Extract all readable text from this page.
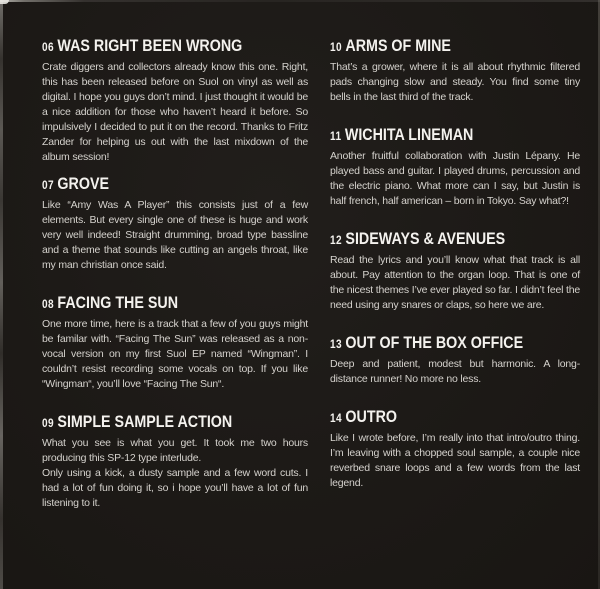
06 WAS RIGHT BEEN WRONG

Crate diggers and collectors already know this one. Right, this has been released before on Suol on vinyl as well as digital. I hope you guys don’t mind. I just thought it would be a nice addition for those who haven’t heard it before. So impulsively I decided to put it on the record. Thanks to Fritz Zander for helping us out with the last mixdown of the album session!

07 GROVE

Like “Amy Was A Player” this consists just of a few elements. But every single one of these is huge and work very well indeed! Straight drumming, broad type bassline and a theme that sounds like cutting an angels throat, like my man christian once said.

08 FACING THE SUN

One more time, here is a track that a few of you guys might be familar with. “Facing The Sun” was released as a non-vocal version on my first Suol EP named “Wingman”. I couldn’t resist recording some vocals on top. If you like “Wingman“, you’ll love “Facing The Sun“.

09 SIMPLE SAMPLE ACTION

What you see is what you get. It took me two hours producing this SP-12 type interlude.

Only using a kick, a dusty sample and a few word cuts. I had a lot of fun doing it, so i hope you’ll have a lot of fun listening to it.

10 ARMS OF MINE

That’s a grower, where it is all about rhythmic filtered pads changing slow and steady. You find some tiny bells in the last third of the track.

11 WICHITA LINEMAN

Another fruitful collaboration with Justin Lépany. He played bass and guitar. I played drums, percussion and the electric piano. What more can I say, but Justin is half french, half american – born in Tokyo. Say what?!

12 SIDEWAYS & AVENUES

Read the lyrics and you’ll know what that track is all about. Pay attention to the organ loop. That is one of the nicest themes I’ve ever played so far. I didn’t feel the need using any snares or claps, so here we are.

13 OUT OF THE BOX OFFICE

Deep and patient, modest but harmonic. A long-distance runner! No more no less.

14 OUTRO

Like I wrote before, I’m really into that intro/outro thing. I’m leaving with a chopped soul sample, a couple nice reverbed snare loops and a few words from the last legend.
